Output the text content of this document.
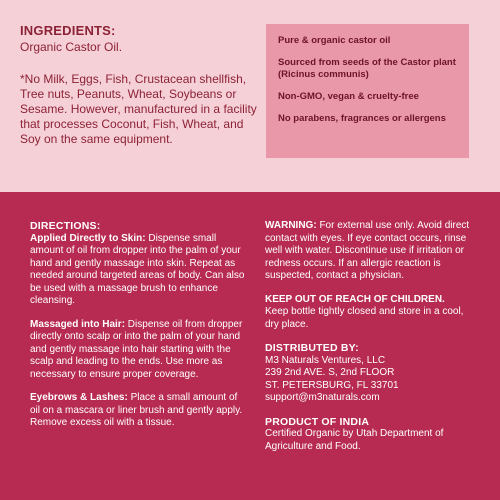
INGREDIENTS:
Organic Castor Oil.
*No Milk, Eggs, Fish, Crustacean shellfish, Tree nuts, Peanuts, Wheat, Soybeans or Sesame. However, manufactured in a facility that processes Coconut, Fish, Wheat, and Soy on the same equipment.
Pure & organic castor oil
Sourced from seeds of the Castor plant (Ricinus communis)
Non-GMO, vegan & cruelty-free
No parabens, fragrances or allergens
DIRECTIONS:
Applied Directly to Skin: Dispense small amount of oil from dropper into the palm of your hand and gently massage into skin. Repeat as needed around targeted areas of body. Can also be used with a massage brush to enhance cleansing.
Massaged into Hair: Dispense oil from dropper directly onto scalp or into the palm of your hand and gently massage into hair starting with the scalp and leading to the ends. Use more as necessary to ensure proper coverage.
Eyebrows & Lashes: Place a small amount of oil on a mascara or liner brush and gently apply. Remove excess oil with a tissue.
WARNING: For external use only. Avoid direct contact with eyes. If eye contact occurs, rinse well with water. Discontinue use if irritation or redness occurs. If an allergic reaction is suspected, contact a physician.
KEEP OUT OF REACH OF CHILDREN. Keep bottle tightly closed and store in a cool, dry place.
DISTRIBUTED BY:
M3 Naturals Ventures, LLC
239 2nd AVE. S, 2nd FLOOR
ST. PETERSBURG, FL 33701
support@m3naturals.com
PRODUCT OF INDIA
Certified Organic by Utah Department of Agriculture and Food.
